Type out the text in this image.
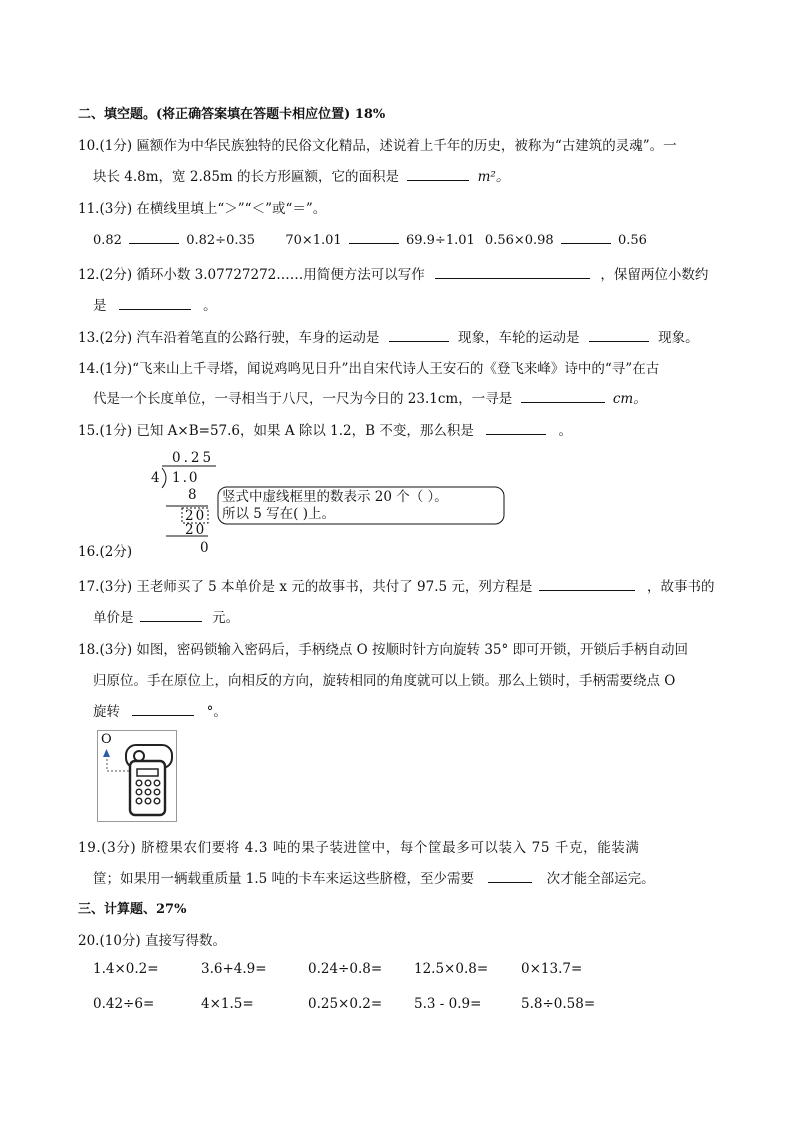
二、填空题。(将正确答案填在答题卡相应位置) 18%
10.(1分) 匾额作为中华民族独特的民俗文化精品，述说着上千年的历史，被称为“古建筑的灵魂”。一
块长 4.8m，宽 2.85m 的长方形匾额，它的面积是	m²。
11.(3分) 在横线里填上“＞”“＜”或“＝”。
0.82	0.82÷0.35 70×1.01	69.9÷1.01 0.56×0.98	0.56
12.(2分) 循环小数 3.07727272……用简便方法可以写作	，保留两位小数约
是	。
13.(2分) 汽车沿着笔直的公路行驶，车身的运动是	现象，车轮的运动是	现象。
14.(1分)“飞来山上千寻塔，闻说鸡鸣见日升”出自宋代诗人王安石的《登飞来峰》诗中的“寻”在古
代是一个长度单位，一寻相当于八尺，一尺为今日的 23.1cm，一寻是	cm。
15.(1分) 已知 A×B=57.6，如果 A 除以 1.2，B 不变，那么积是	。
0.25
4 1.0
8
20
20
0
竖式中虚线框里的数表示 20 个（ ）。
所以 5 写在( )上。
16.(2分)
17.(3分) 王老师买了 5 本单价是 x 元的故事书，共付了 97.5 元，列方程是	，故事书的
单价是	元。
18.(3分) 如图，密码锁输入密码后，手柄绕点 O 按顺时针方向旋转 35° 即可开锁，开锁后手柄自动回
归原位。手在原位上，向相反的方向，旋转相同的角度就可以上锁。那么上锁时，手柄需要绕点 O
旋转	°。
O
19.(3分) 脐橙果农们要将 4.3 吨的果子装进筐中，每个筐最多可以装入 75 千克，能装满
筐；如果用一辆载重质量 1.5 吨的卡车来运这些脐橙，至少需要	次才能全部运完。
三、计算题、27%
20.(10分) 直接写得数。
1.4×0.2=	3.6+4.9=	0.24÷0.8= 12.5×0.8= 0×13.7=
0.42÷6=	4×1.5=	0.25×0.2= 5.3 - 0.9=	5.8÷0.58=
